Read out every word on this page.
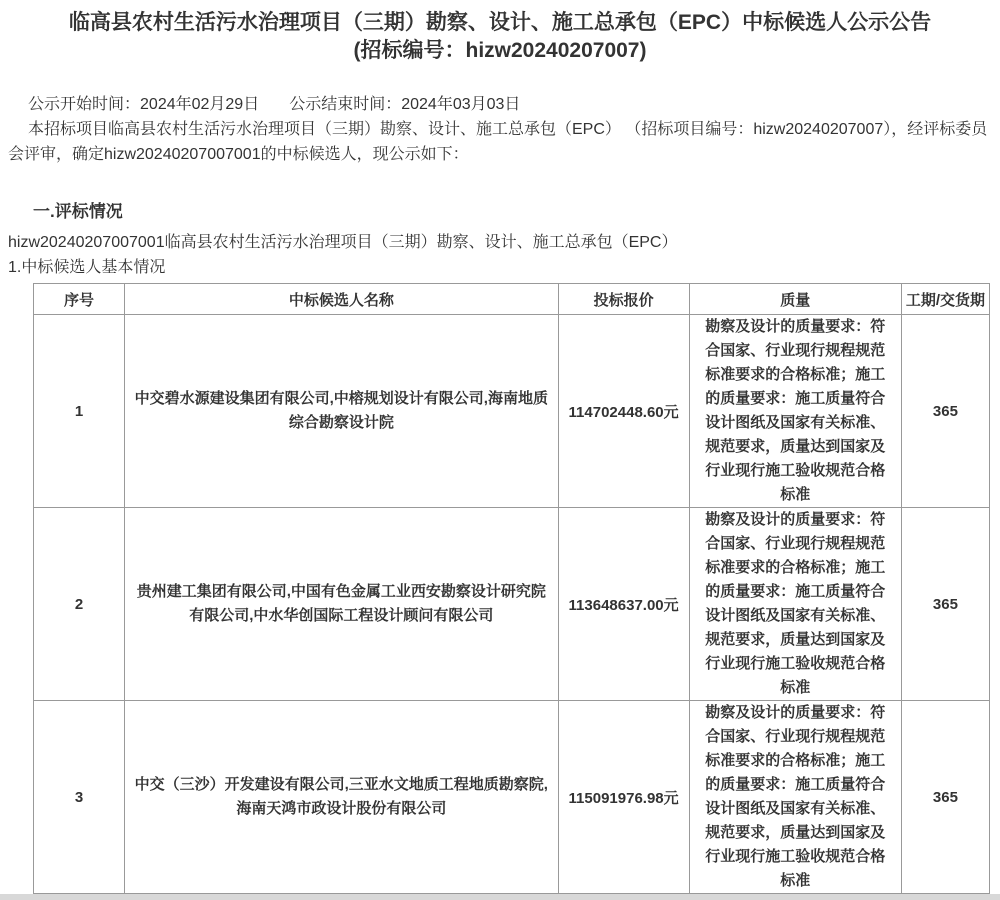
临高县农村生活污水治理项目（三期）勘察、设计、施工总承包（EPC）中标候选人公示公告
(招标编号：hizw20240207007)

公示开始时间：2024年02月29日 公示结束时间：2024年03月03日

本招标项目临高县农村生活污水治理项目（三期）勘察、设计、施工总承包（EPC） （招标项目编号：hizw20240207007），经评标委员会评审，确定hizw20240207007001的中标候选人，现公示如下：

一.评标情况

hizw20240207007001临高县农村生活污水治理项目（三期）勘察、设计、施工总承包（EPC）

1.中标候选人基本情况

序号	中标候选人名称	投标报价	质量	工期/交货期
1	中交碧水源建设集团有限公司,中榕规划设计有限公司,海南地质综合勘察设计院	114702448.60元	勘察及设计的质量要求：符合国家、行业现行规程规范标准要求的合格标准；施工的质量要求：施工质量符合设计图纸及国家有关标准、规范要求，质量达到国家及行业现行施工验收规范合格标准	365
2	贵州建工集团有限公司,中国有色金属工业西安勘察设计研究院有限公司,中水华创国际工程设计顾问有限公司	113648637.00元	勘察及设计的质量要求：符合国家、行业现行规程规范标准要求的合格标准；施工的质量要求：施工质量符合设计图纸及国家有关标准、规范要求，质量达到国家及行业现行施工验收规范合格标准	365
3	中交（三沙）开发建设有限公司,三亚水文地质工程地质勘察院,海南天鸿市政设计股份有限公司	115091976.98元	勘察及设计的质量要求：符合国家、行业现行规程规范标准要求的合格标准；施工的质量要求：施工质量符合设计图纸及国家有关标准、规范要求，质量达到国家及行业现行施工验收规范合格标准	365
